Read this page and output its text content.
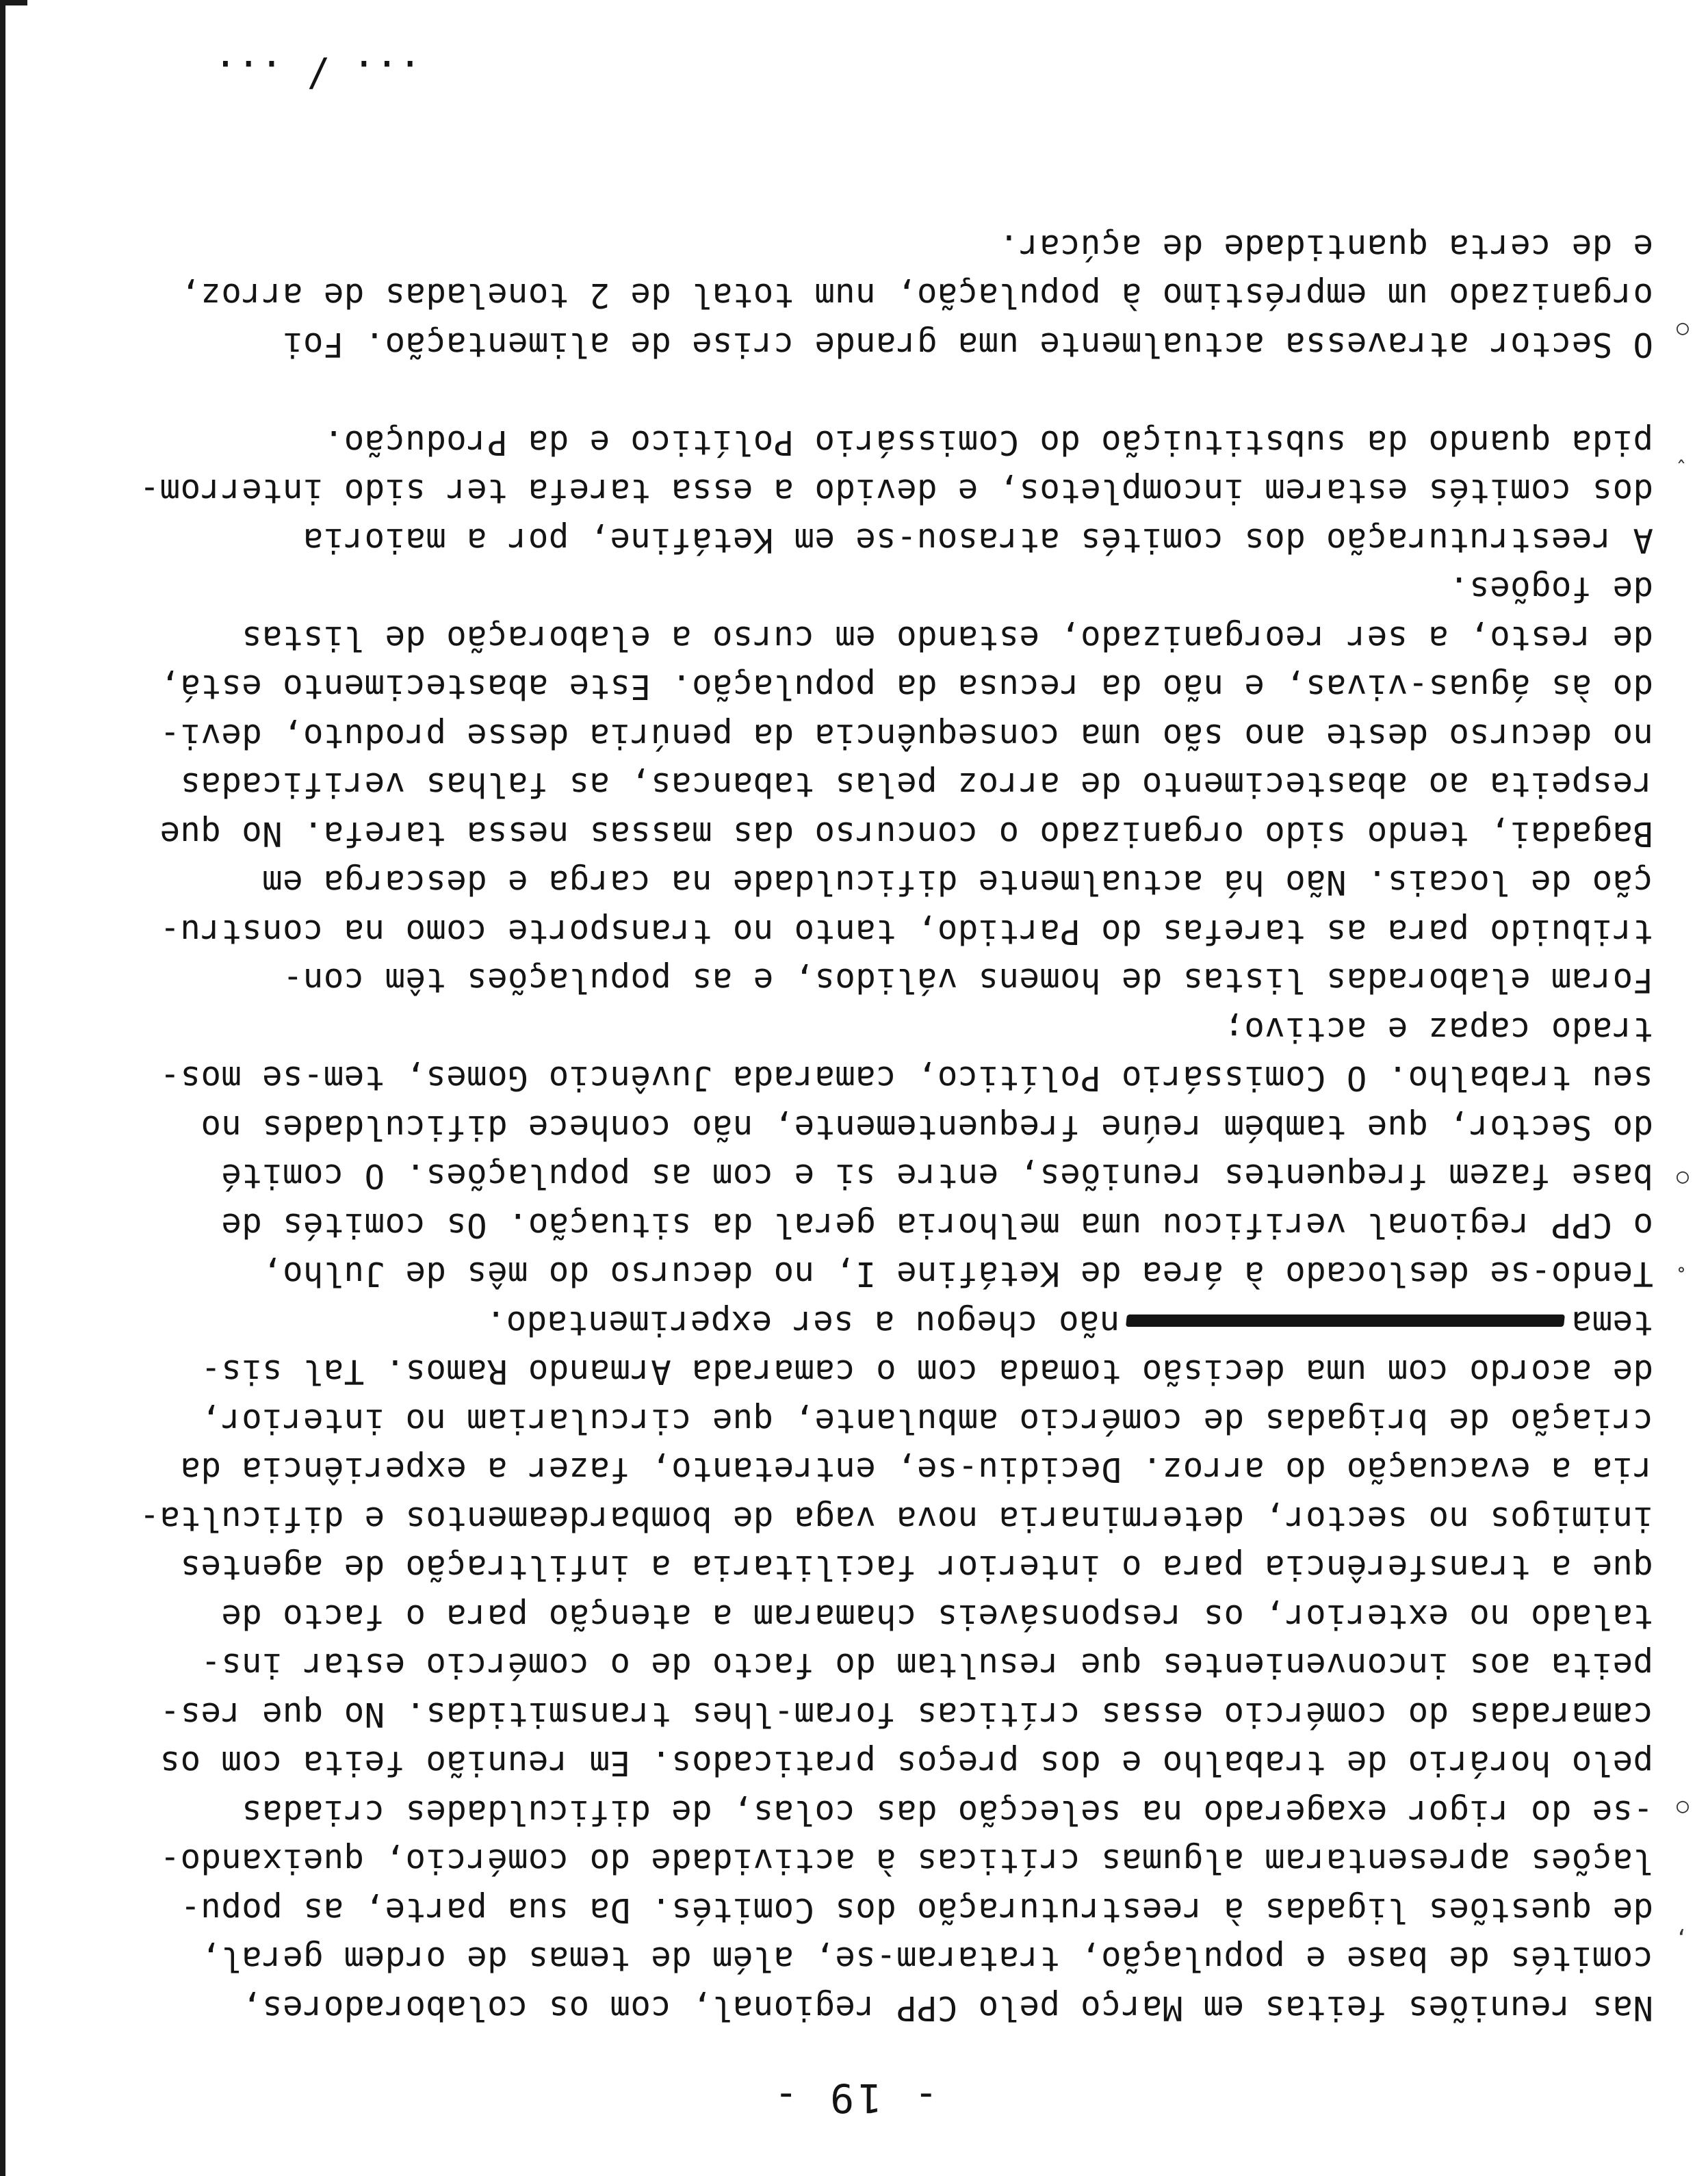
- 19 -

Nas reuniões feitas em Março pelo CPP regional, com os colaboradores,
comités de base e população, trataram-se, além de temas de ordem geral,
de questões ligadas à reestruturação dos Comités. Da sua parte, as popu-
lações apresentaram algumas críticas à actividade do comércio, queixando-
-se do rigor exagerado na selecção das colas, de dificuldades criadas
pelo horário de trabalho e dos preços praticados. Em reunião feita com os
camaradas do comércio essas críticas foram-lhes transmitidas. No que res-
peita aos inconvenientes que resultam do facto de o comércio estar ins-
talado no exterior, os responsáveis chamaram a atenção para o facto de
que a transferência para o interior facilitaria a infiltração de agentes
inimigos no sector, determinaria nova vaga de bombardeamentos e dificulta-
ria a evacuação do arroz. Decidiu-se, entretanto, fazer a experiência da
criação de brigadas de comércio ambulante, que circulariam no interior,
de acordo com uma decisão tomada com o camarada Armando Ramos. Tal sis-
temanão chegou a ser experimentado.
Tendo-se deslocado à área de Ketáfine I, no decurso do mês de Julho,
o CPP regional verificou uma melhoria geral da situação. Os comités de
base fazem frequentes reuniões, entre si e com as populações. O comité
do Sector, que também reúne frequentemente, não conhece dificuldades no
seu trabalho. O Comissário Político, camarada Juvêncio Gomes, tem-se mos-
trado capaz e activo;
Foram elaboradas listas de homens válidos, e as populações têm con-
tribuido para as tarefas do Partido, tanto no transporte como na constru-
ção de locais. Não há actualmente dificuldade na carga e descarga em
Bagadai, tendo sido organizado o concurso das massas nessa tarefa. No que
respeita ao abastecimento de arroz pelas tabancas, as falhas verificadas
no decurso deste ano são uma consequência da penúria desse produto, devi-
do às águas-vivas, e não da recusa da população. Este abastecimento está,
de resto, a ser reorganizado, estando em curso a elaboração de listas
de fogões.
A reestruturação dos comités atrasou-se em Ketáfine, por a maioria
dos comités estarem incompletos, e devido a essa tarefa ter sido interrom-
pida quando da substituição do Comissário Político e da Produção.
O Sector atravessa actualmente uma grande crise de alimentação. Foi
organizado um empréstimo à população, num total de 2 toneladas de arroz,
e de certa quantidade de açúcar.

... / ...

○
○
○
,
˚
ˇ
